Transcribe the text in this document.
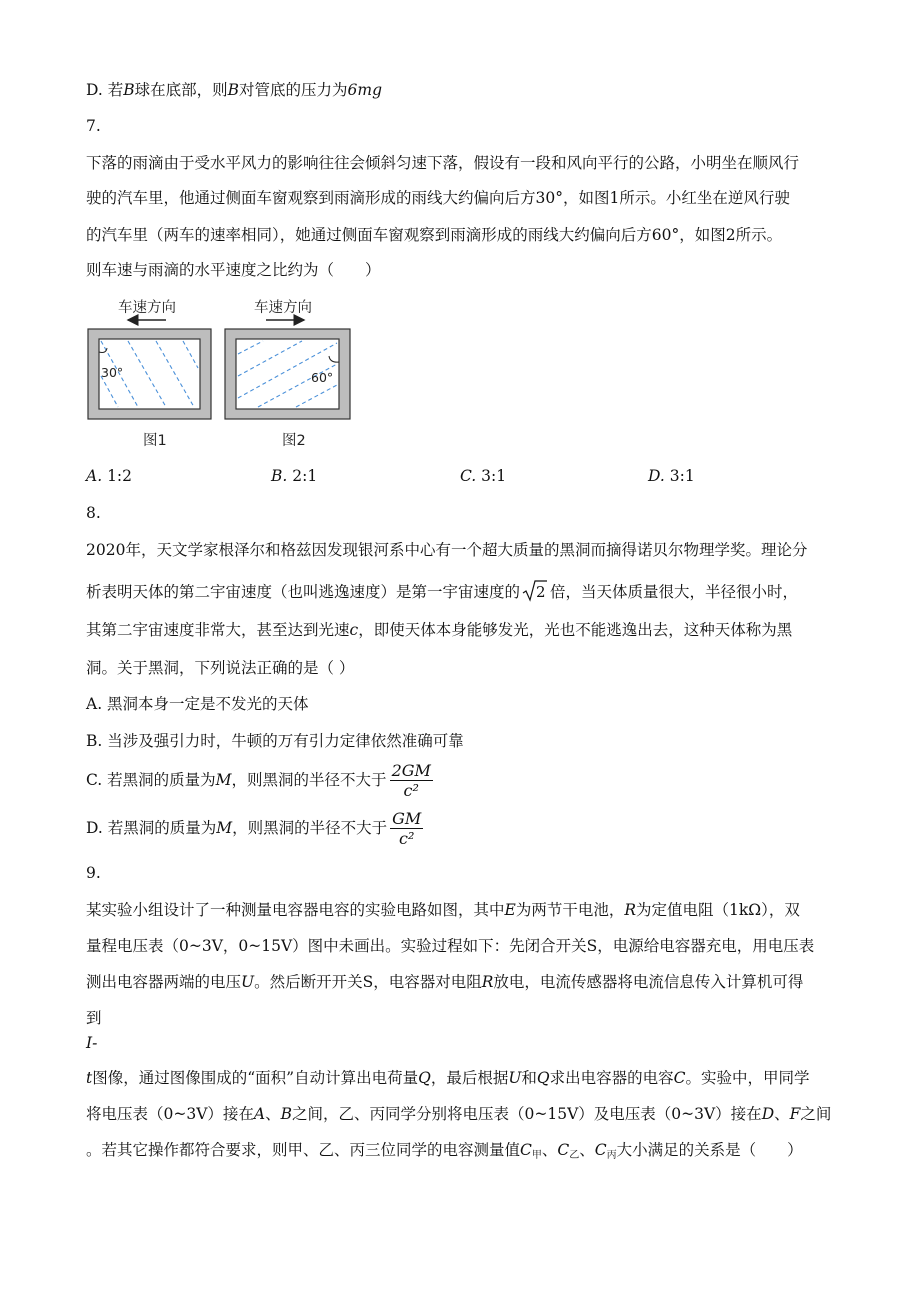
D. 若B球在底部，则B对管底的压力为6mg
7.
下落的雨滴由于受水平风力的影响往往会倾斜匀速下落，假设有一段和风向平行的公路，小明坐在顺风行
驶的汽车里，他通过侧面车窗观察到雨滴形成的雨线大约偏向后方30°，如图1所示。小红坐在逆风行驶
的汽车里（两车的速率相同），她通过侧面车窗观察到雨滴形成的雨线大约偏向后方60°，如图2所示。
则车速与雨滴的水平速度之比约为（　　）
车速方向	车速方向
30°	60°
图1	图2
A. 1:2	B. 2:1	C. 3:1	D. 3:1
8.
2020年，天文学家根泽尔和格兹因发现银河系中心有一个超大质量的黑洞而摘得诺贝尔物理学奖。理论分
析表明天体的第二宇宙速度（也叫逃逸速度）是第一宇宙速度的 2 倍，当天体质量很大，半径很小时，
其第二宇宙速度非常大，甚至达到光速c，即使天体本身能够发光，光也不能逃逸出去，这种天体称为黑
洞。关于黑洞，下列说法正确的是（ ）
A. 黑洞本身一定是不发光的天体
B. 当涉及强引力时，牛顿的万有引力定律依然准确可靠
C. 若黑洞的质量为 M ，则黑洞的半径不大于 $\frac{2GM}{\text{c²}}$
D. 若黑洞的质量为 M ，则黑洞的半径不大于 $\frac{GM}{\text{c²}}$
9.
某实验小组设计了一种测量电容器电容的实验电路如图，其中E为两节干电池，R为定值电阻（1kΩ），双
量程电压表（0~3V，0~15V）图中未画出。实验过程如下：先闭合开关S，电源给电容器充电，用电压表
测出电容器两端的电压U。然后断开开关S，电容器对电阻R放电，电流传感器将电流信息传入计算机可得
到
I-
t图像，通过图像围成的“面积”自动计算出电荷量Q，最后根据U和Q求出电容器的电容C。实验中，甲同学
将电压表（0~3V）接在A、B之间，乙、丙同学分别将电压表（0~15V）及电压表（0~3V）接在D、F之间
。若其它操作都符合要求，则甲、乙、丙三位同学的电容测量值$C_甲$、$C_乙$、$C_丙$大小满足的关系是（　　）
